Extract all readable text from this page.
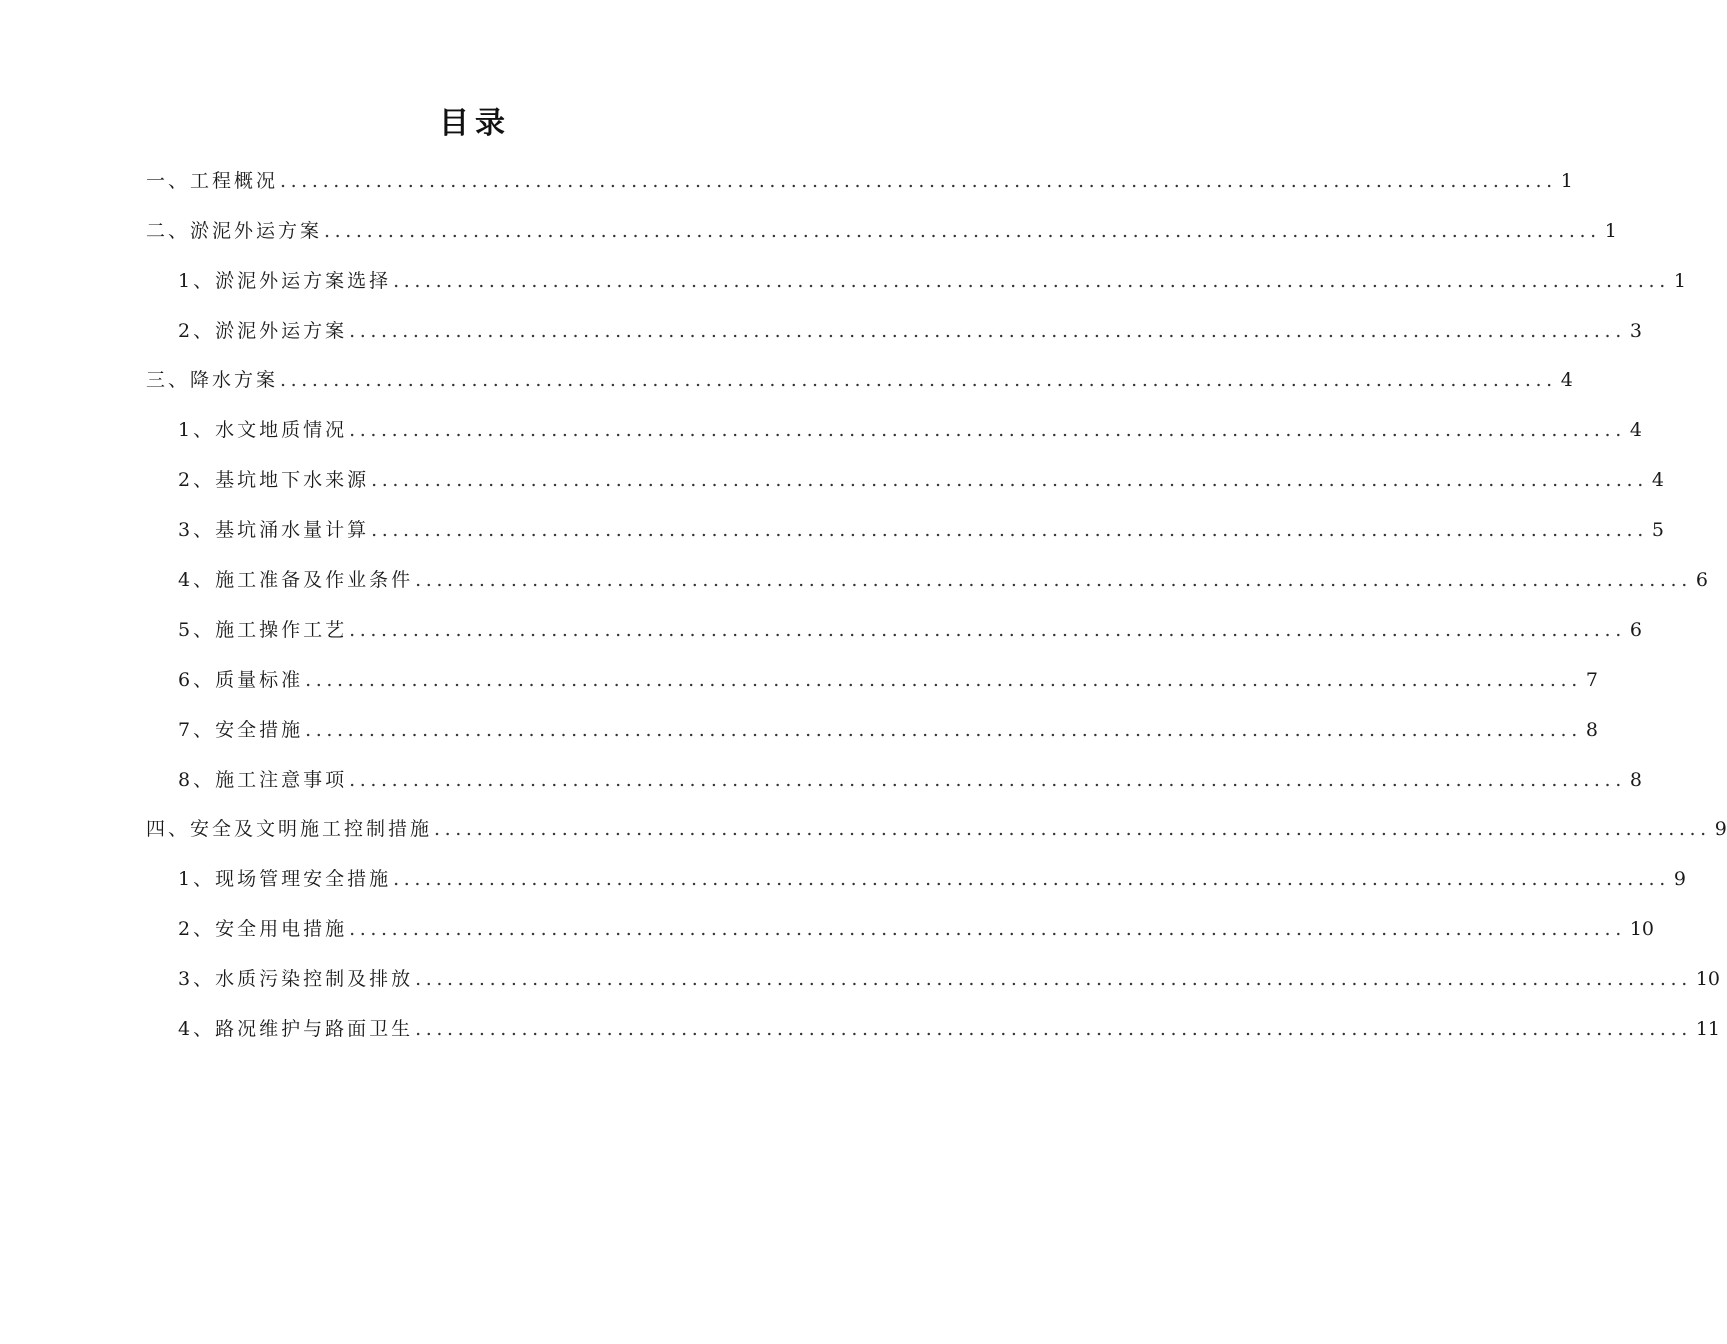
目录
一、工程概况 ........................................................................................................................ 1
二、淤泥外运方案 ........................................................................................................................ 1
1、淤泥外运方案选择 ........................................................................................................................ 1
2、淤泥外运方案 ........................................................................................................................ 3
三、降水方案 ........................................................................................................................ 4
1、水文地质情况 ........................................................................................................................ 4
2、基坑地下水来源 ........................................................................................................................ 4
3、基坑涌水量计算 ........................................................................................................................ 5
4、施工准备及作业条件 ........................................................................................................................ 6
5、施工操作工艺 ........................................................................................................................ 6
6、质量标准 ........................................................................................................................ 7
7、安全措施 ........................................................................................................................ 8
8、施工注意事项 ........................................................................................................................ 8
四、安全及文明施工控制措施 ........................................................................................................................ 9
1、现场管理安全措施 ........................................................................................................................ 9
2、安全用电措施 ........................................................................................................................ 10
3、水质污染控制及排放 ........................................................................................................................ 10
4、路况维护与路面卫生 ........................................................................................................................ 11
